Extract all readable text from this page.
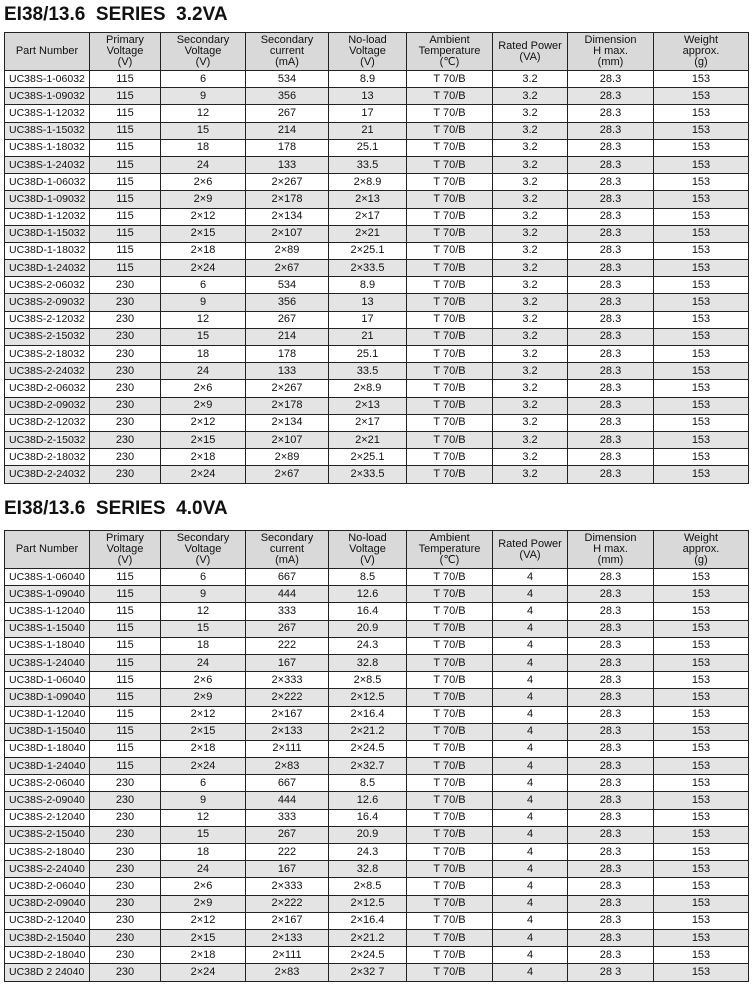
EI38/13.6  SERIES  3.2VA
Part Number	Primary
Voltage
(V)	Secondary
Voltage
(V)	Secondary
current
(mA)	No-load
Voltage
(V)	Ambient
Temperature
(℃)	Rated Power
(VA)	Dimension
H max.
(mm)	Weight
approx.
(g)

UC38S-1-06032	115	6	534	8.9	T 70/B	3.2	28.3	153
UC38S-1-09032	115	9	356	13	T 70/B	3.2	28.3	153
UC38S-1-12032	115	12	267	17	T 70/B	3.2	28.3	153
UC38S-1-15032	115	15	214	21	T 70/B	3.2	28.3	153
UC38S-1-18032	115	18	178	25.1	T 70/B	3.2	28.3	153
UC38S-1-24032	115	24	133	33.5	T 70/B	3.2	28.3	153
UC38D-1-06032	115	2×6	2×267	2×8.9	T 70/B	3.2	28.3	153
UC38D-1-09032	115	2×9	2×178	2×13	T 70/B	3.2	28.3	153
UC38D-1-12032	115	2×12	2×134	2×17	T 70/B	3.2	28.3	153
UC38D-1-15032	115	2×15	2×107	2×21	T 70/B	3.2	28.3	153
UC38D-1-18032	115	2×18	2×89	2×25.1	T 70/B	3.2	28.3	153
UC38D-1-24032	115	2×24	2×67	2×33.5	T 70/B	3.2	28.3	153
UC38S-2-06032	230	6	534	8.9	T 70/B	3.2	28.3	153
UC38S-2-09032	230	9	356	13	T 70/B	3.2	28.3	153
UC38S-2-12032	230	12	267	17	T 70/B	3.2	28.3	153
UC38S-2-15032	230	15	214	21	T 70/B	3.2	28.3	153
UC38S-2-18032	230	18	178	25.1	T 70/B	3.2	28.3	153
UC38S-2-24032	230	24	133	33.5	T 70/B	3.2	28.3	153
UC38D-2-06032	230	2×6	2×267	2×8.9	T 70/B	3.2	28.3	153
UC38D-2-09032	230	2×9	2×178	2×13	T 70/B	3.2	28.3	153
UC38D-2-12032	230	2×12	2×134	2×17	T 70/B	3.2	28.3	153
UC38D-2-15032	230	2×15	2×107	2×21	T 70/B	3.2	28.3	153
UC38D-2-18032	230	2×18	2×89	2×25.1	T 70/B	3.2	28.3	153
UC38D-2-24032	230	2×24	2×67	2×33.5	T 70/B	3.2	28.3	153
EI38/13.6  SERIES  4.0VA
Part Number	Primary
Voltage
(V)	Secondary
Voltage
(V)	Secondary
current
(mA)	No-load
Voltage
(V)	Ambient
Temperature
(℃)	Rated Power
(VA)	Dimension
H max.
(mm)	Weight
approx.
(g)

UC38S-1-06040	115	6	667	8.5	T 70/B	4	28.3	153
UC38S-1-09040	115	9	444	12.6	T 70/B	4	28.3	153
UC38S-1-12040	115	12	333	16.4	T 70/B	4	28.3	153
UC38S-1-15040	115	15	267	20.9	T 70/B	4	28.3	153
UC38S-1-18040	115	18	222	24.3	T 70/B	4	28.3	153
UC38S-1-24040	115	24	167	32.8	T 70/B	4	28.3	153
UC38D-1-06040	115	2×6	2×333	2×8.5	T 70/B	4	28.3	153
UC38D-1-09040	115	2×9	2×222	2×12.5	T 70/B	4	28.3	153
UC38D-1-12040	115	2×12	2×167	2×16.4	T 70/B	4	28.3	153
UC38D-1-15040	115	2×15	2×133	2×21.2	T 70/B	4	28.3	153
UC38D-1-18040	115	2×18	2×111	2×24.5	T 70/B	4	28.3	153
UC38D-1-24040	115	2×24	2×83	2×32.7	T 70/B	4	28.3	153
UC38S-2-06040	230	6	667	8.5	T 70/B	4	28.3	153
UC38S-2-09040	230	9	444	12.6	T 70/B	4	28.3	153
UC38S-2-12040	230	12	333	16.4	T 70/B	4	28.3	153
UC38S-2-15040	230	15	267	20.9	T 70/B	4	28.3	153
UC38S-2-18040	230	18	222	24.3	T 70/B	4	28.3	153
UC38S-2-24040	230	24	167	32.8	T 70/B	4	28.3	153
UC38D-2-06040	230	2×6	2×333	2×8.5	T 70/B	4	28.3	153
UC38D-2-09040	230	2×9	2×222	2×12.5	T 70/B	4	28.3	153
UC38D-2-12040	230	2×12	2×167	2×16.4	T 70/B	4	28.3	153
UC38D-2-15040	230	2×15	2×133	2×21.2	T 70/B	4	28.3	153
UC38D-2-18040	230	2×18	2×111	2×24.5	T 70/B	4	28.3	153
UC38D 2 24040	230	2×24	2×83	2×32 7	T 70/B	4	28 3	153
